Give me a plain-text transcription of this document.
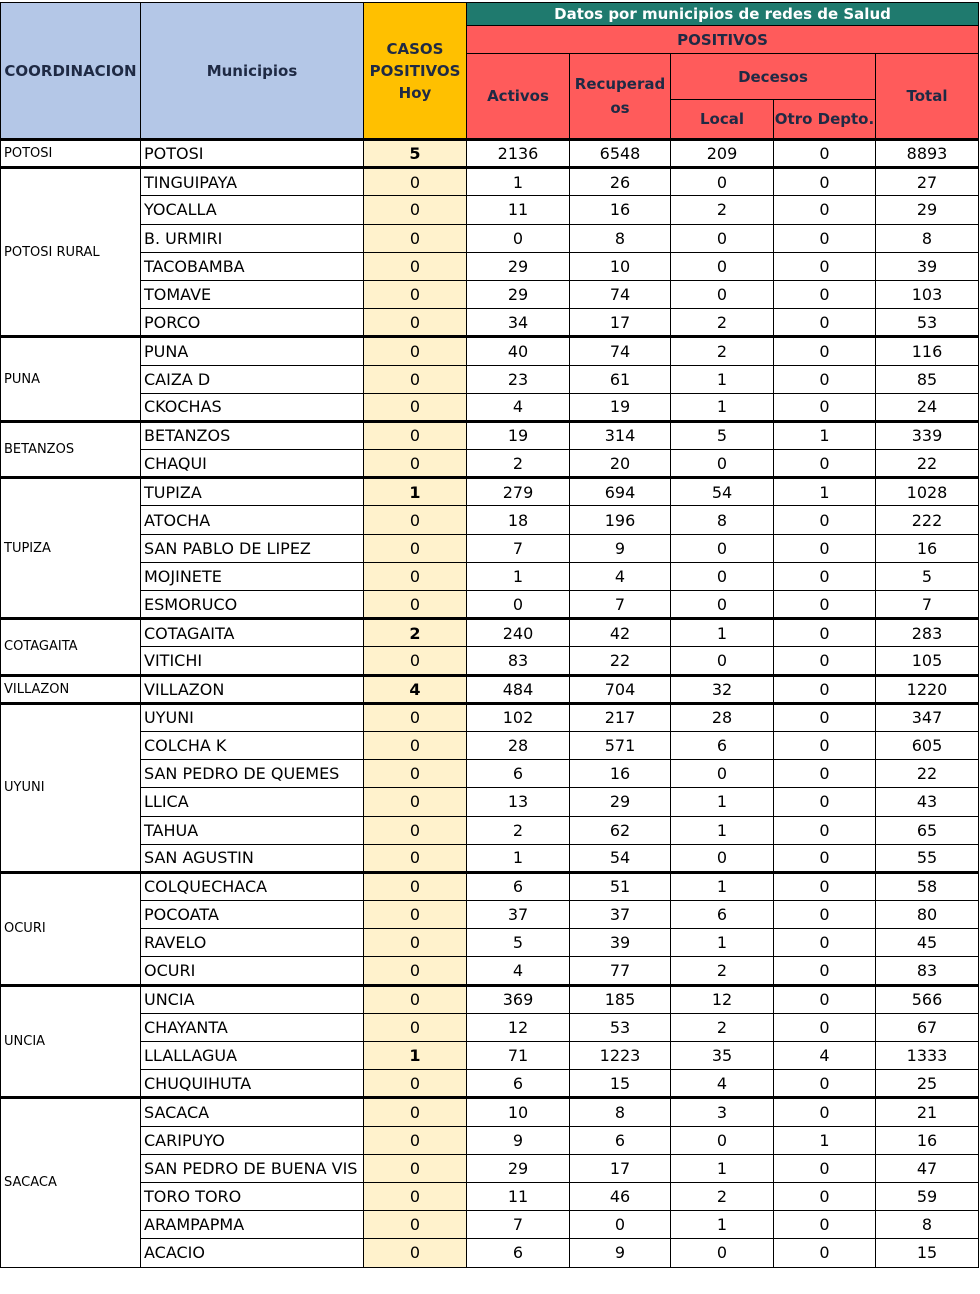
COORDINACION	Municipios	CASOS POSITIVOS Hoy	Datos por municipios de redes de Salud				
			POSITIVOS				
			Activos	Recuperados	Decesos		Total
					Local	Otro Depto.	
POTOSI	POTOSI	5	2136	6548	209	0	8893
POTOSI RURAL	TINGUIPAYA	0	1	26	0	0	27
	YOCALLA	0	11	16	2	0	29
	B. URMIRI	0	0	8	0	0	8
	TACOBAMBA	0	29	10	0	0	39
	TOMAVE	0	29	74	0	0	103
	PORCO	0	34	17	2	0	53
PUNA	PUNA	0	40	74	2	0	116
	CAIZA D	0	23	61	1	0	85
	CKOCHAS	0	4	19	1	0	24
BETANZOS	BETANZOS	0	19	314	5	1	339
	CHAQUI	0	2	20	0	0	22
TUPIZA	TUPIZA	1	279	694	54	1	1028
	ATOCHA	0	18	196	8	0	222
	SAN PABLO DE LIPEZ	0	7	9	0	0	16
	MOJINETE	0	1	4	0	0	5
	ESMORUCO	0	0	7	0	0	7
COTAGAITA	COTAGAITA	2	240	42	1	0	283
	VITICHI	0	83	22	0	0	105
VILLAZON	VILLAZON	4	484	704	32	0	1220
UYUNI	UYUNI	0	102	217	28	0	347
	COLCHA K	0	28	571	6	0	605
	SAN PEDRO DE QUEMES	0	6	16	0	0	22
	LLICA	0	13	29	1	0	43
	TAHUA	0	2	62	1	0	65
	SAN AGUSTIN	0	1	54	0	0	55
OCURI	COLQUECHACA	0	6	51	1	0	58
	POCOATA	0	37	37	6	0	80
	RAVELO	0	5	39	1	0	45
	OCURI	0	4	77	2	0	83
UNCIA	UNCIA	0	369	185	12	0	566
	CHAYANTA	0	12	53	2	0	67
	LLALLAGUA	1	71	1223	35	4	1333
	CHUQUIHUTA	0	6	15	4	0	25
SACACA	SACACA	0	10	8	3	0	21
	CARIPUYO	0	9	6	0	1	16
	SAN PEDRO DE BUENA VIS	0	29	17	1	0	47
	TORO TORO	0	11	46	2	0	59
	ARAMPAPMA	0	7	0	1	0	8
	ACACIO	0	6	9	0	0	15
